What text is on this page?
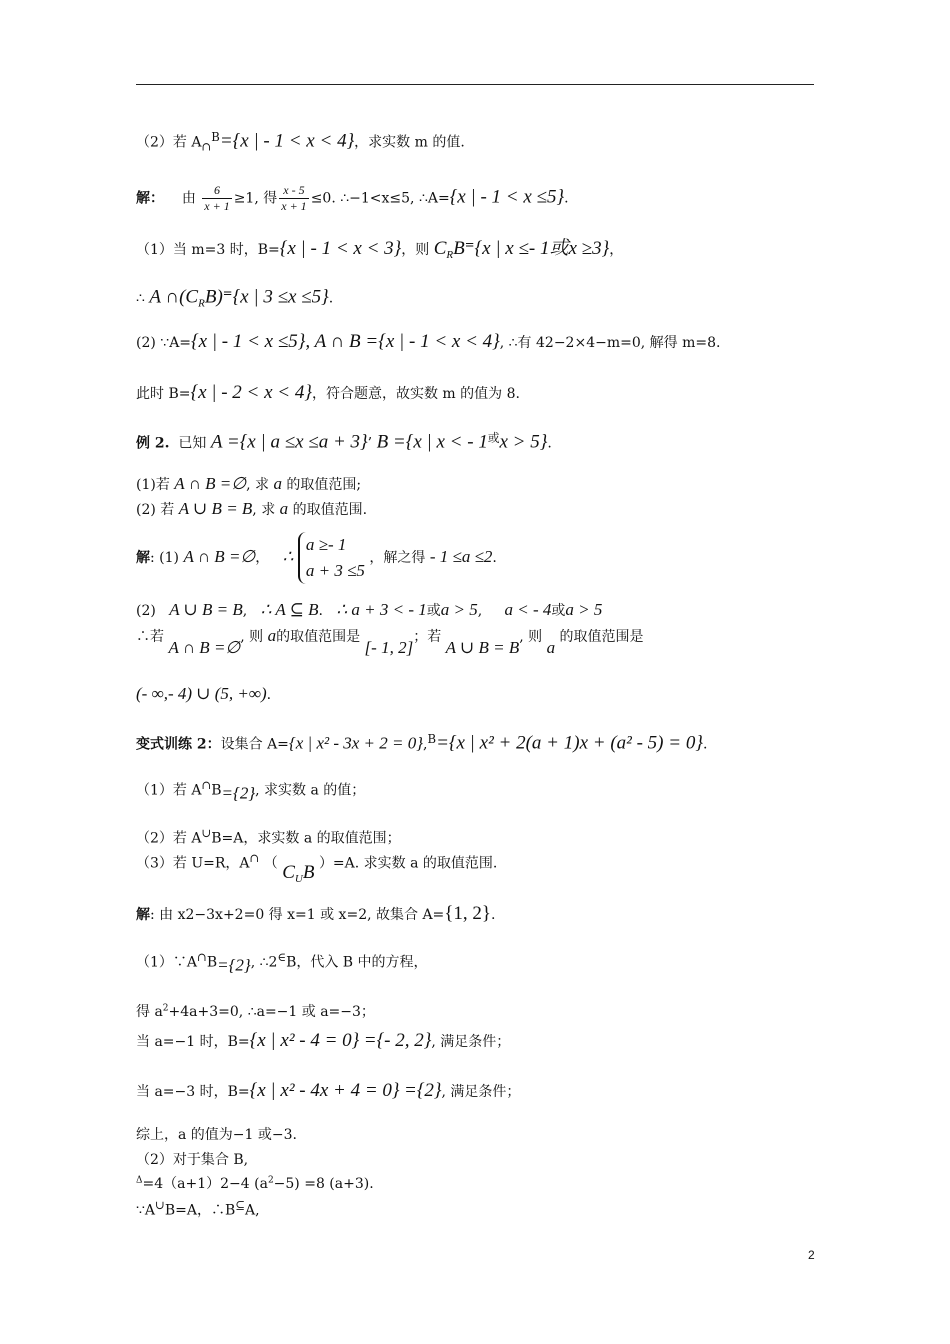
（2）若 $A_\cap^B=\{x$ | - 1 < x < 4}，求实数 m 的值.
解： 由 $\frac{6}{x + 1} \ge 1$, 得 $\frac{x - 5}{x + 1} \le 0$. ∴−1<x≤5, ∴A={x | - 1 < x ≤5}.
（1）当 m=3 时，B={x | - 1 < x < 3}，则 $C_RB^=\{x$ | x ≤- 1或x ≥3}，
∴ A $\cap(C_RB)^=\{x$ | 3 ≤x ≤5}.
(2) ∵A={x | - 1 < x ≤5}, A ∩ B ={x | - 1 < x < 4}, ∴有 42−2×4−m=0, 解得 m=8.
此时 B={x | - 2 < x < 4}，符合题意，故实数 m 的值为 8.
例 2. 已知 A ={x | a ≤x ≤a + 3}’ B ={x | x < - $1^或x > 5$}.
(1)若 A ∩ B =∅, 求 a 的取值范围;
(2) 若 A ∪ B = B, 求 a 的取值范围.
解: (1) A ∩ B =∅， ∴
a ≥- 1
a + 3 ≤5
，解之得 - 1 ≤a ≤2.
(2) A ∪ B = B, ∴ A ⊆ B. ∴ a + 3 < - 1或a > 5, a < - 4或a > 5
∴若 A ∩ B =∅, 则 a的取值范围是 [- 1, 2]；若 A ∪ B = B, 则 a 的取值范围是
(- ∞,- 4) ∪ (5, +∞).
变式训练 2：设集合 A={x | x² - 3x + 2 = 0},$^B$={x | x² + 2(a + 1)x + (a² - 5) = 0}.
（1）若 $A^\cap B_{=\{2\}}$, 求实数 a 的值；
（2）若 A∪B=A，求实数 a 的取值范围；
（3）若 U=R，A∩ （ $C_UB$ ）=A. 求实数 a 的取值范围.
解: 由 x2−3x+2=0 得 x=1 或 x=2, 故集合 A={1, 2}.
$(1)\because A^\cap B_{=\{2\}}$, ∴2∈B，代入 B 中的方程，
得 $a^2+4a+3=0$, ∴a=−1 或 a=−3；
当 a=−1 时，B={x | x² - 4 = 0} ={- 2, 2}, 满足条件；
当 a=−3 时，B={x | x² - 4x + 4 = 0} ={2}, 满足条件；
综上，a 的值为−1 或−3.
（2）对于集合 B,
$^\Delta$=4（a+1）2−4 $(a^2-5) =8$ (a+3).
∵A∪B=A，∴B⊆A,
2
